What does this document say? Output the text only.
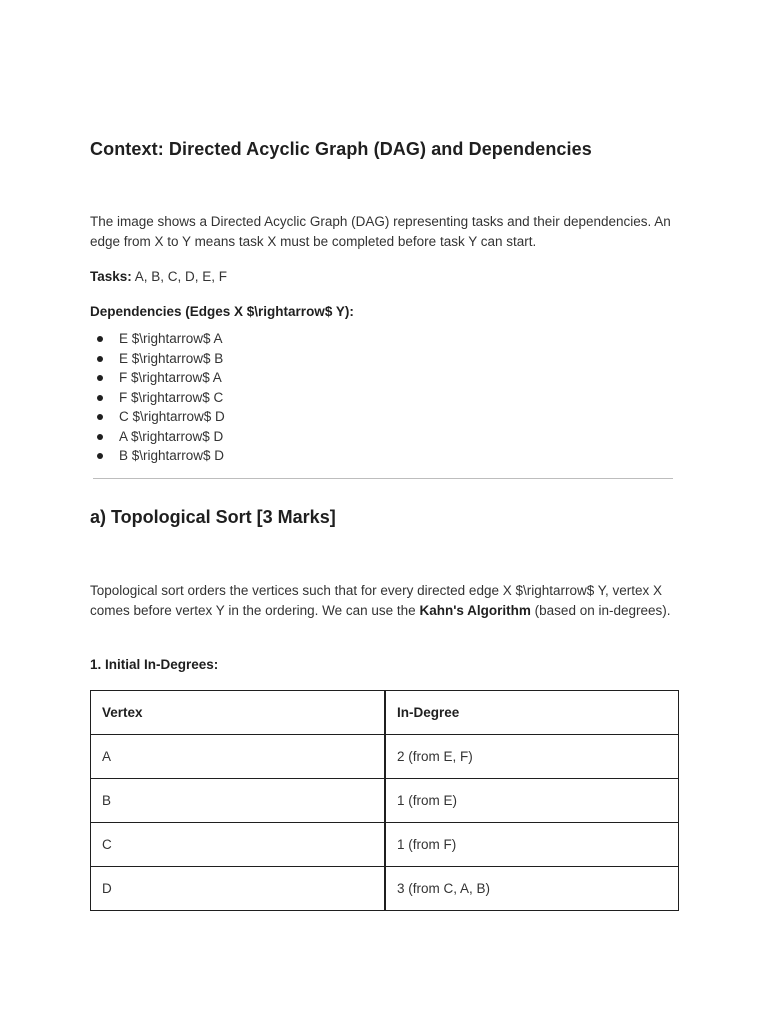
Context: Directed Acyclic Graph (DAG) and Dependencies

The image shows a Directed Acyclic Graph (DAG) representing tasks and their dependencies. An edge from X to Y means task X must be completed before task Y can start.

Tasks: A, B, C, D, E, F

Dependencies (Edges X $\rightarrow$ Y):

E $\rightarrow$ A
E $\rightarrow$ B
F $\rightarrow$ A
F $\rightarrow$ C
C $\rightarrow$ D
A $\rightarrow$ D
B $\rightarrow$ D
a) Topological Sort [3 Marks]

Topological sort orders the vertices such that for every directed edge X $\rightarrow$ Y, vertex X comes before vertex Y in the ordering. We can use the Kahn's Algorithm (based on in-degrees).

1. Initial In-Degrees:

Vertex	In-Degree
A	2 (from E, F)
B	1 (from E)
C	1 (from F)
D	3 (from C, A, B)
